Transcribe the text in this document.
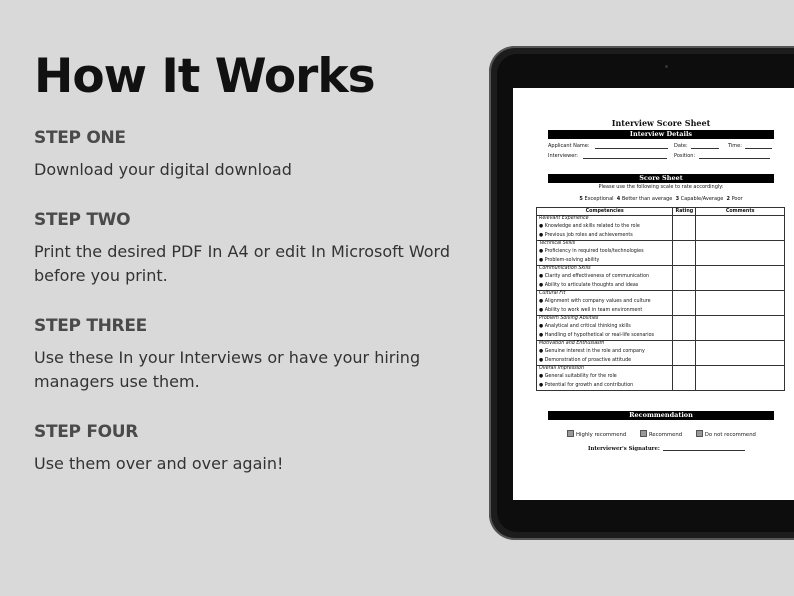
How It Works

STEP ONE

Download your digital download

STEP TWO

Print the desired PDF In A4 or edit In Microsoft Word before you print.

STEP THREE

Use these In your Interviews or have your hiring managers use them.

STEP FOUR

Use them over and over again!

Interview Score Sheet
Interview Details
Applicant Name:	Date:	Time:
Interviewer:	Position:
Score Sheet
Please use the following scale to rate accordingly:
5 Exceptional 4 Better than average 3 Capable/Average 2 Poor
Competencies	Rating	Comments

Relevant Experience
● Knowledge and skills related to the role
● Previous job roles and achievements		

Technical Skills
● Proficiency in required tools/technologies
● Problem-solving ability		

Communication Skills
● Clarity and effectiveness of communication
● Ability to articulate thoughts and ideas		

Cultural Fit
● Alignment with company values and culture
● Ability to work well in team environment		

Problem Solving Abilities
● Analytical and critical thinking skills
● Handling of hypothetical or real-life scenarios		

Motivation and Enthusiasm
● Genuine interest in the role and company
● Demonstration of proactive attitude		

Overall Impression
● General suitability for the role
● Potential for growth and contribution		

Recommendation
Highly recommend	Recommend	Do not recommend
Interviewer's Signature:
